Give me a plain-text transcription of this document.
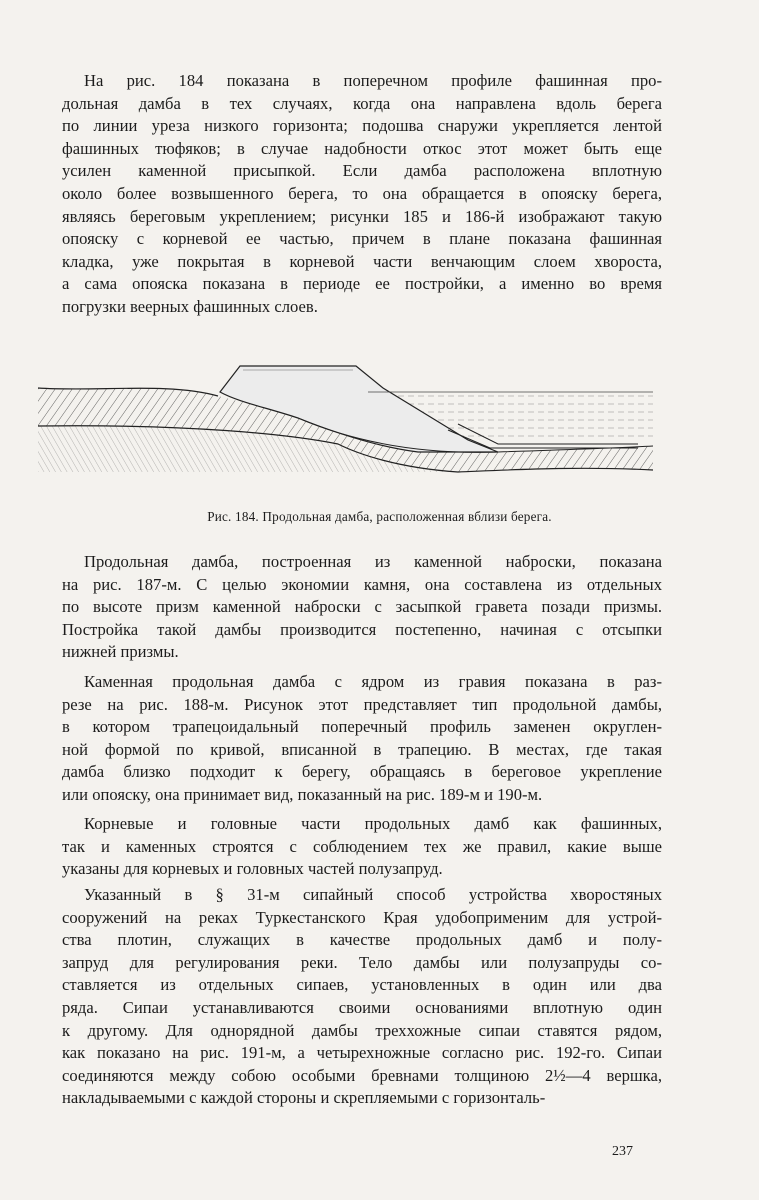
На рис. 184 показана в поперечном профиле фашинная про-
дольная дамба в тех случаях, когда она направлена вдоль берега
по линии уреза низкого горизонта; подошва снаружи укрепляется лентой
фашинных тюфяков; в случае надобности откос этот может быть еще
усилен каменной присыпкой. Если дамба расположена вплотную
около более возвышенного берега, то она обращается в опояску берега,
являясь береговым укреплением; рисунки 185 и 186-й изображают такую
опояску с корневой ее частью, причем в плане показана фашинная
кладка, уже покрытая в корневой части венчающим слоем хвороста,
а сама опояска показана в периоде ее постройки, а именно во время
погрузки веерных фашинных слоев.

Рис. 184. Продольная дамба, расположенная вблизи берега.

Продольная дамба, построенная из каменной наброски, показана
на рис. 187-м. С целью экономии камня, она составлена из отдельных
по высоте призм каменной наброски с засыпкой гравета позади призмы.
Постройка такой дамбы производится постепенно, начиная с отсыпки
нижней призмы.

Каменная продольная дамба с ядром из гравия показана в раз-
резе на рис. 188-м. Рисунок этот представляет тип продольной дамбы,
в котором трапецоидальный поперечный профиль заменен округлен-
ной формой по кривой, вписанной в трапецию. В местах, где такая
дамба близко подходит к берегу, обращаясь в береговое укрепление
или опояску, она принимает вид, показанный на рис. 189-м и 190-м.

Корневые и головные части продольных дамб как фашинных,
так и каменных строятся с соблюдением тех же правил, какие выше
указаны для корневых и головных частей полузапруд.

Указанный в § 31-м сипайный способ устройства хворостяных
сооружений на реках Туркестанского Края удобоприменим для устрой-
ства плотин, служащих в качестве продольных дамб и полу-
запруд для регулирования реки. Тело дамбы или полузапруды со-
ставляется из отдельных сипаев, установленных в один или два
ряда. Сипаи устанавливаются своими основаниями вплотную один
к другому. Для однорядной дамбы треххожные сипаи ставятся рядом,
как показано на рис. 191-м, а четырехножные согласно рис. 192-го. Сипаи
соединяются между собою особыми бревнами толщиною 2½—4 вершка,
накладываемыми с каждой стороны и скрепляемыми с горизонталь-

237
